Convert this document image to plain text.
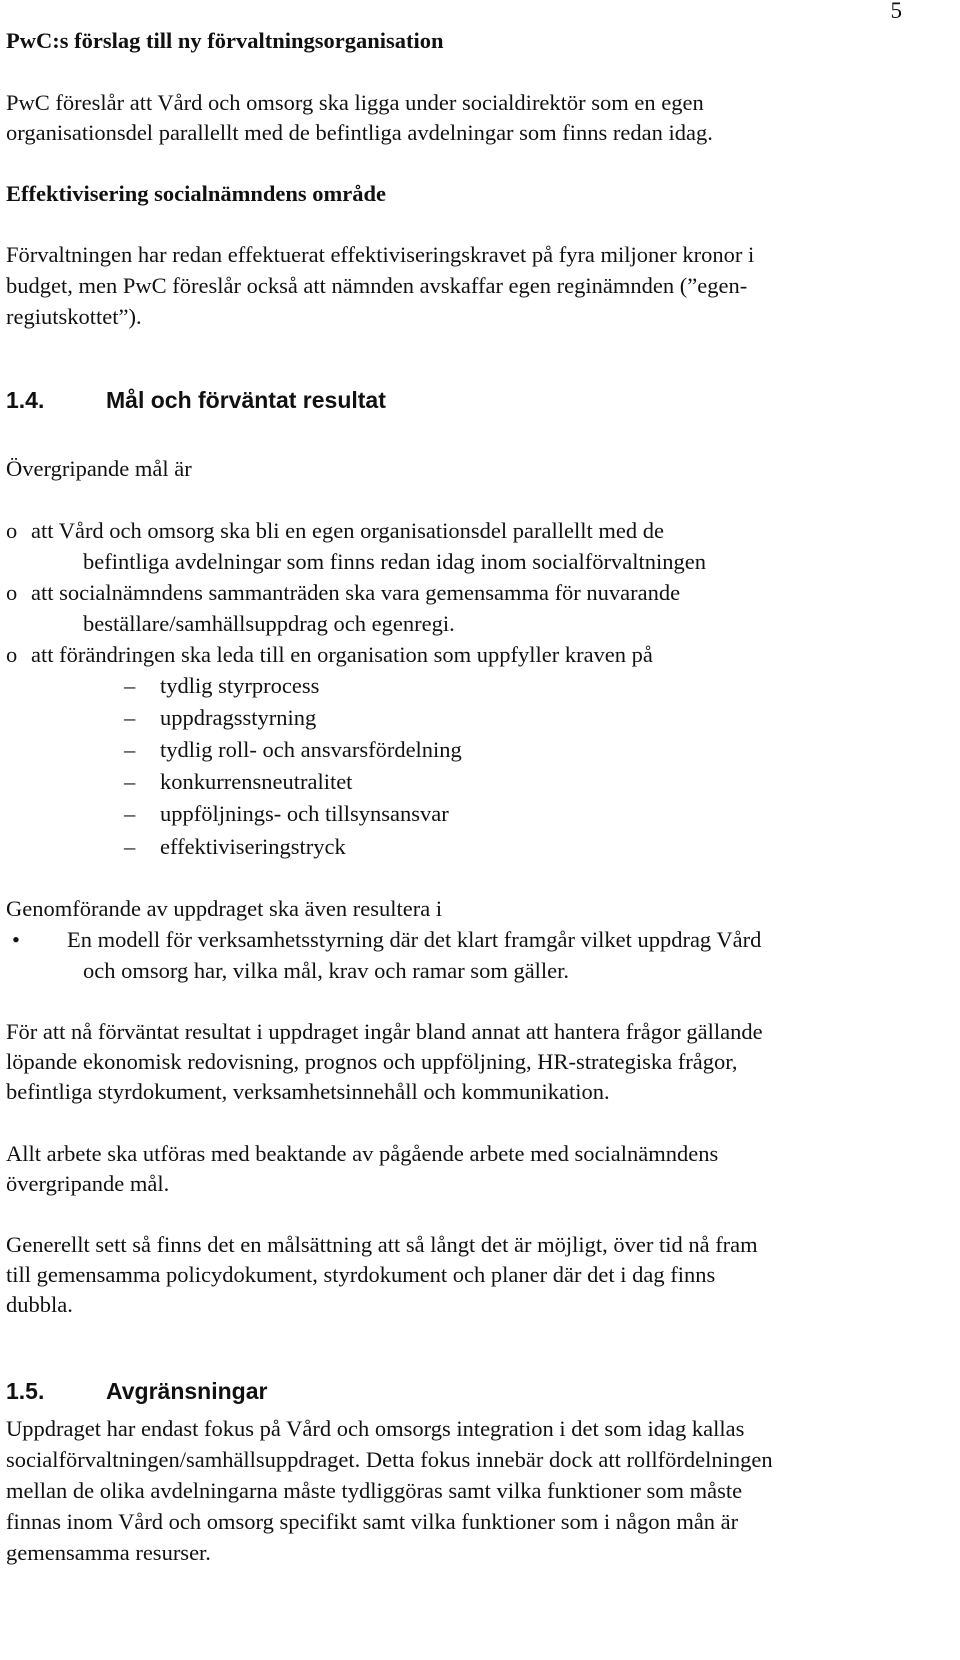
5

PwC:s förslag till ny förvaltningsorganisation

PwC föreslår att Vård och omsorg ska ligga under socialdirektör som en egen

organisationsdel parallellt med de befintliga avdelningar som finns redan idag.

Effektivisering socialnämndens område

Förvaltningen har redan effektuerat effektiviseringskravet på fyra miljoner kronor i

budget, men PwC föreslår också att nämnden avskaffar egen reginämnden (”egen-

regiutskottet”).

1.4.	Mål och förväntat resultat

Övergripande mål är

o att Vård och omsorg ska bli en egen organisationsdel parallellt med de
befintliga avdelningar som finns redan idag inom socialförvaltningen
o att socialnämndens sammanträden ska vara gemensamma för nuvarande
beställare/samhällsuppdrag och egenregi.
o att förändringen ska leda till en organisation som uppfyller kraven på
– tydlig styrprocess
– uppdragsstyrning
– tydlig roll- och ansvarsfördelning
– konkurrensneutralitet
– uppföljnings- och tillsynsansvar
– effektiviseringstryck

Genomförande av uppdraget ska även resultera i

• En modell för verksamhetsstyrning där det klart framgår vilket uppdrag Vård
och omsorg har, vilka mål, krav och ramar som gäller.

För att nå förväntat resultat i uppdraget ingår bland annat att hantera frågor gällande

löpande ekonomisk redovisning, prognos och uppföljning, HR-strategiska frågor,

befintliga styrdokument, verksamhetsinnehåll och kommunikation.

Allt arbete ska utföras med beaktande av pågående arbete med socialnämndens

övergripande mål.

Generellt sett så finns det en målsättning att så långt det är möjligt, över tid nå fram

till gemensamma policydokument, styrdokument och planer där det i dag finns

dubbla.

1.5.	Avgränsningar

Uppdraget har endast fokus på Vård och omsorgs integration i det som idag kallas

socialförvaltningen/samhällsuppdraget. Detta fokus innebär dock att rollfördelningen

mellan de olika avdelningarna måste tydliggöras samt vilka funktioner som måste

finnas inom Vård och omsorg specifikt samt vilka funktioner som i någon mån är

gemensamma resurser.
